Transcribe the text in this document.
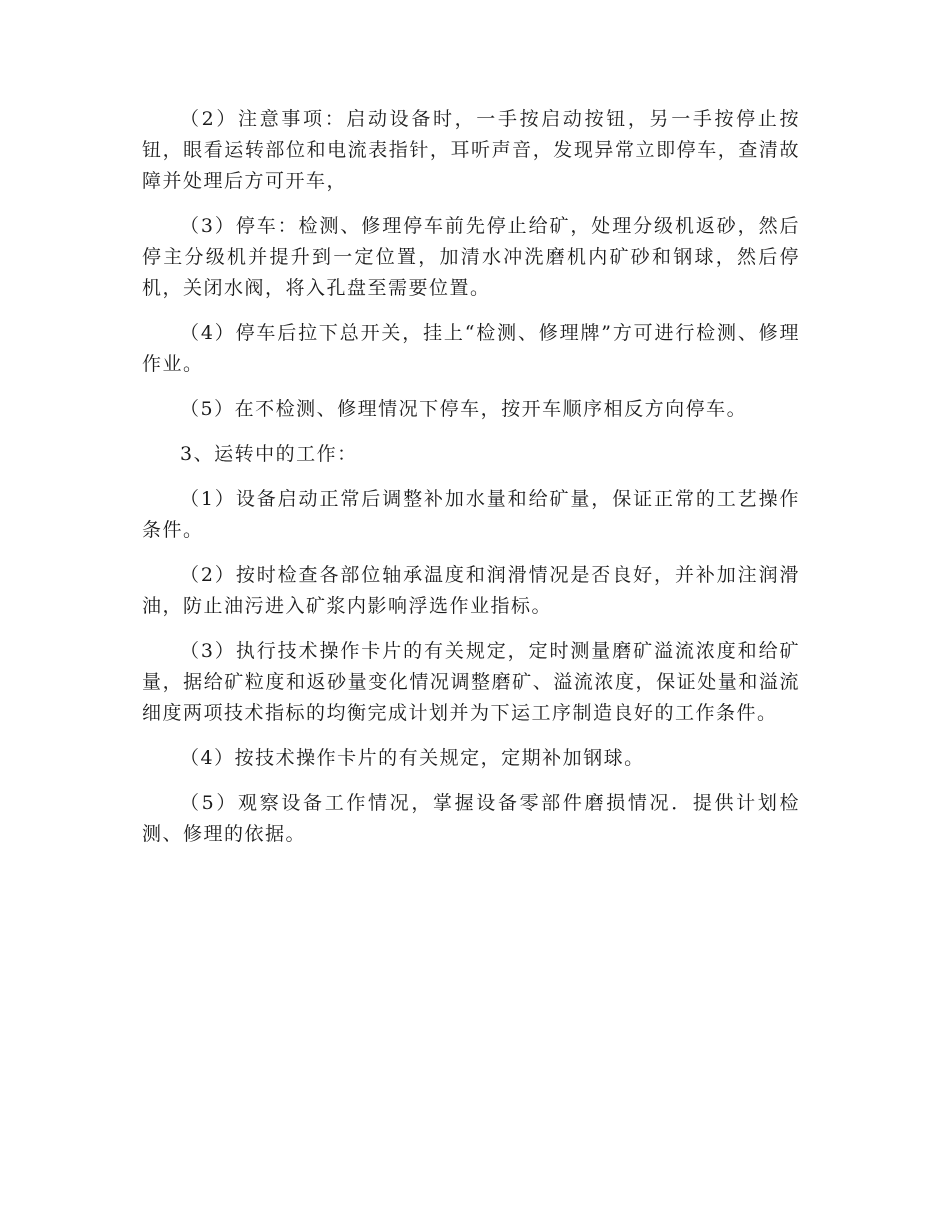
（2）注意事项：启动设备时，一手按启动按钮，另一手按停止按钮，眼看运转部位和电流表指针，耳听声音，发现异常立即停车，查清故障并处理后方可开车，

（3）停车：检测、修理停车前先停止给矿，处理分级机返砂，然后停主分级机并提升到一定位置，加清水冲洗磨机内矿砂和钢球，然后停机，关闭水阀，将入孔盘至需要位置。

（4）停车后拉下总开关，挂上“检测、修理牌”方可进行检测、修理作业。

（5）在不检测、修理情况下停车，按开车顺序相反方向停车。

3、运转中的工作：

（1）设备启动正常后调整补加水量和给矿量，保证正常的工艺操作条件。

（2）按时检查各部位轴承温度和润滑情况是否良好，并补加注润滑油，防止油污进入矿浆内影响浮选作业指标。

（3）执行技术操作卡片的有关规定，定时测量磨矿溢流浓度和给矿量，据给矿粒度和返砂量变化情况调整磨矿、溢流浓度，保证处量和溢流细度两项技术指标的均衡完成计划并为下运工序制造良好的工作条件。

（4）按技术操作卡片的有关规定，定期补加钢球。

（5）观察设备工作情况，掌握设备零部件磨损情况．提供计划检测、修理的依据。
